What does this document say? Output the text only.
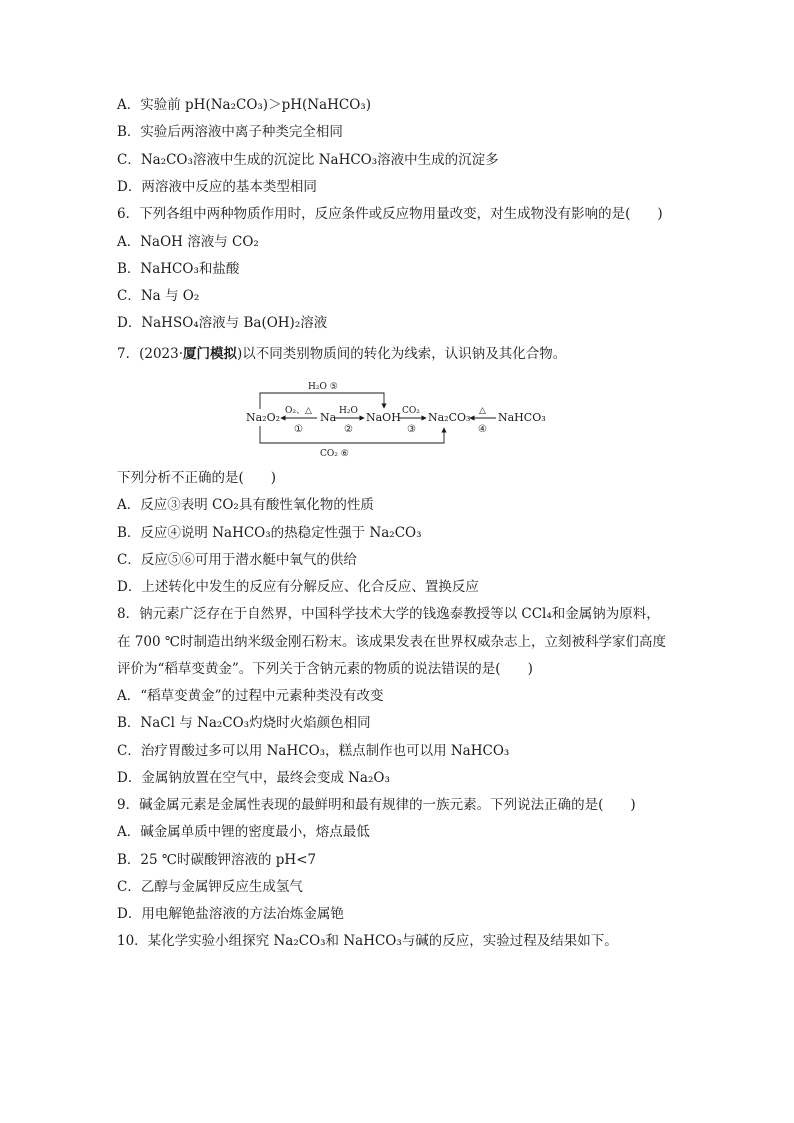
A．实验前 pH(Na₂CO₃)＞pH(NaHCO₃)
B．实验后两溶液中离子种类完全相同
C．Na₂CO₃溶液中生成的沉淀比 NaHCO₃溶液中生成的沉淀多
D．两溶液中反应的基本类型相同
6．下列各组中两种物质作用时，反应条件或反应物用量改变，对生成物没有影响的是(　　)
A．NaOH 溶液与 CO₂
B．NaHCO₃和盐酸
C．Na 与 O₂
D．NaHSO₄溶液与 Ba(OH)₂溶液
7．(2023·厦门模拟)以不同类别物质间的转化为线索，认识钠及其化合物。
Na₂O₂	Na	NaOH Na₂CO₃	NaHCO₃
O₂、△
①
H₂O
②
CO₂
③
△
④
H₂O ⑤
CO₂ ⑥
下列分析不正确的是(　　)
A．反应③表明 CO₂具有酸性氧化物的性质
B．反应④说明 NaHCO₃的热稳定性强于 Na₂CO₃
C．反应⑤⑥可用于潜水艇中氧气的供给
D．上述转化中发生的反应有分解反应、化合反应、置换反应
8．钠元素广泛存在于自然界，中国科学技术大学的钱逸泰教授等以 CCl₄和金属钠为原料，
在 700 ℃时制造出纳米级金刚石粉末。该成果发表在世界权威杂志上，立刻被科学家们高度
评价为“稻草变黄金”。下列关于含钠元素的物质的说法错误的是(　　)
A．“稻草变黄金”的过程中元素种类没有改变
B．NaCl 与 Na₂CO₃灼烧时火焰颜色相同
C．治疗胃酸过多可以用 NaHCO₃，糕点制作也可以用 NaHCO₃
D．金属钠放置在空气中，最终会变成 Na₂O₃
9．碱金属元素是金属性表现的最鲜明和最有规律的一族元素。下列说法正确的是(　　)
A．碱金属单质中锂的密度最小，熔点最低
B．25 ℃时碳酸钾溶液的 pH<7
C．乙醇与金属钾反应生成氢气
D．用电解铯盐溶液的方法冶炼金属铯
10．某化学实验小组探究 Na₂CO₃和 NaHCO₃与碱的反应，实验过程及结果如下。
